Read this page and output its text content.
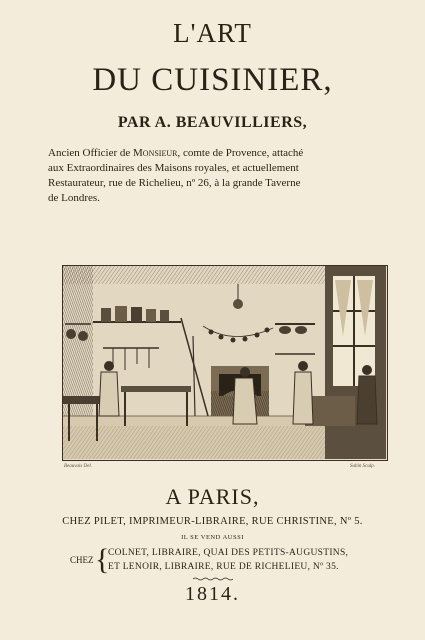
L'ART
DU CUISINIER,
PAR A. BEAUVILLIERS,
Ancien Officier de Monsieur, comte de Provence, attaché
aux Extraordinaires des Maisons royales, et actuellement
Restaurateur, rue de Richelieu, nº 26, à la grande Taverne
de Londres.
Beauvais Del.	Sabin Sculp.
A PARIS,
CHEZ PILET, IMPRIMEUR-LIBRAIRE, RUE CHRISTINE, Nº 5.
IL SE VEND AUSSI
CHEZ {
COLNET, LIBRAIRE, QUAI DES PETITS-AUGUSTINS,
ET LENOIR, LIBRAIRE, RUE DE RICHELIEU, Nº 35.
1814.
